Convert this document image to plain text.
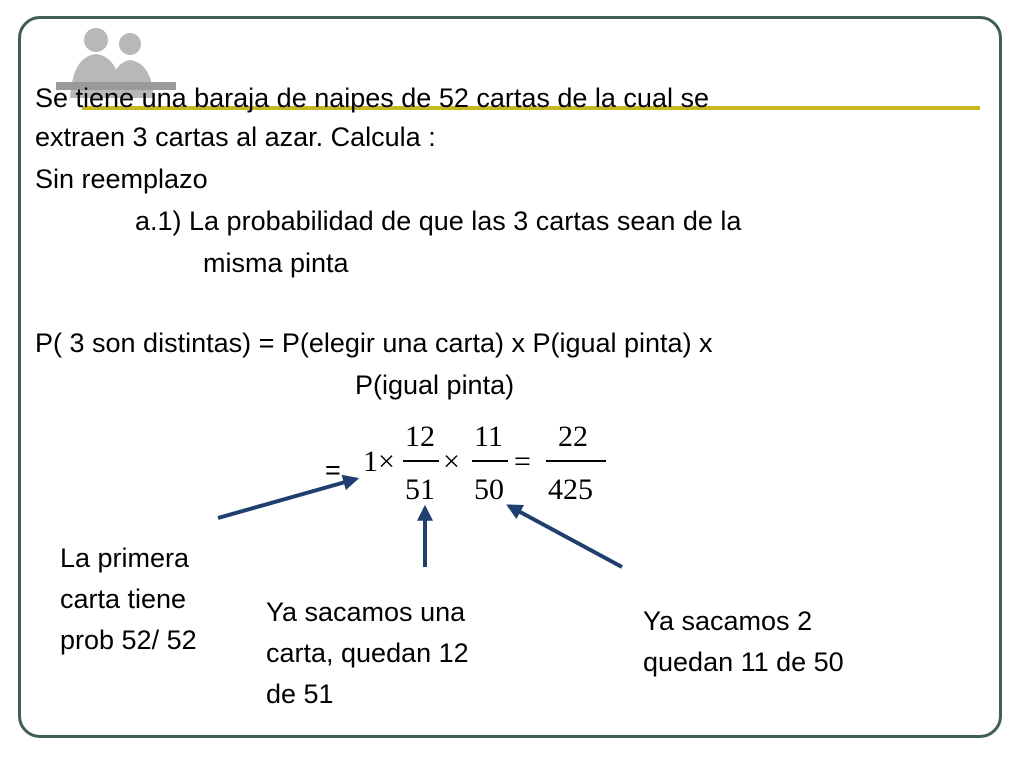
Se tiene una baraja de naipes de 52 cartas de la cual se
extraen 3 cartas al azar. Calcula :
Sin reemplazo
a.1) La probabilidad de que las 3 cartas sean de la
misma pinta
P( 3 son distintas) = P(elegir una carta) x P(igual pinta) x
P(igual pinta)
= 1×
12
51
×
11
50
=
22
425
La primera
carta tiene
prob 52/ 52
Ya sacamos una
carta, quedan 12
de 51
Ya sacamos 2
quedan 11 de 50
